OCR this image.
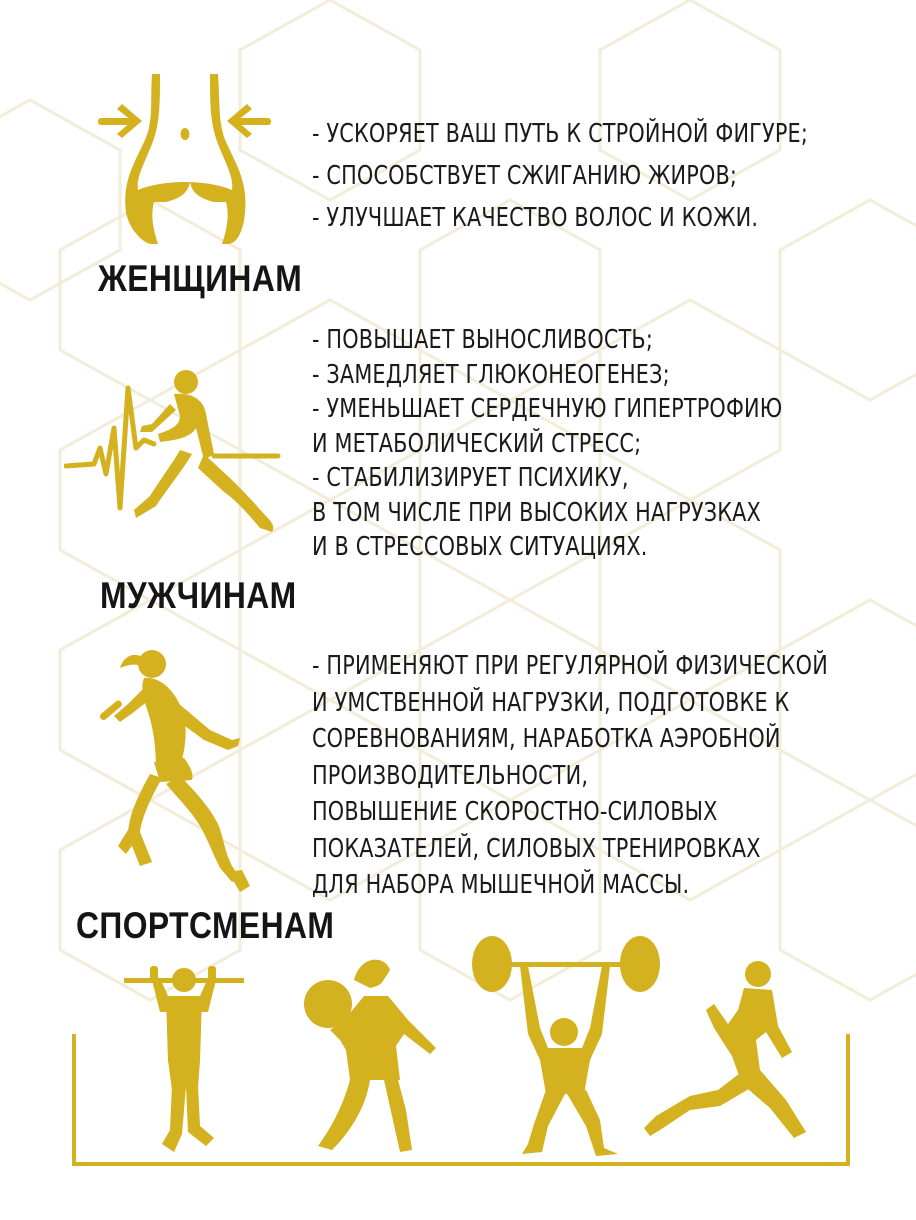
ЖЕНЩИНАМ
- УСКОРЯЕТ ВАШ ПУТЬ К СТРОЙНОЙ ФИГУРЕ;
- СПОСОБСТВУЕТ СЖИГАНИЮ ЖИРОВ;
- УЛУЧШАЕТ КАЧЕСТВО ВОЛОС И КОЖИ.
МУЖЧИНАМ
- ПОВЫШАЕТ ВЫНОСЛИВОСТЬ;
- ЗАМЕДЛЯЕТ ГЛЮКОНЕОГЕНЕЗ;
- УМЕНЬШАЕТ СЕРДЕЧНУЮ ГИПЕРТРОФИЮ
И МЕТАБОЛИЧЕСКИЙ СТРЕСС;
- СТАБИЛИЗИРУЕТ ПСИХИКУ,
В ТОМ ЧИСЛЕ ПРИ ВЫСОКИХ НАГРУЗКАХ
И В СТРЕССОВЫХ СИТУАЦИЯХ.
СПОРТСМЕНАМ
- ПРИМЕНЯЮТ ПРИ РЕГУЛЯРНОЙ ФИЗИЧЕСКОЙ
И УМСТВЕННОЙ НАГРУЗКИ, ПОДГОТОВКЕ К
СОРЕВНОВАНИЯМ, НАРАБОТКА АЭРОБНОЙ
ПРОИЗВОДИТЕЛЬНОСТИ,
ПОВЫШЕНИЕ СКОРОСТНО-СИЛОВЫХ
ПОКАЗАТЕЛЕЙ, СИЛОВЫХ ТРЕНИРОВКАХ
ДЛЯ НАБОРА МЫШЕЧНОЙ МАССЫ.
